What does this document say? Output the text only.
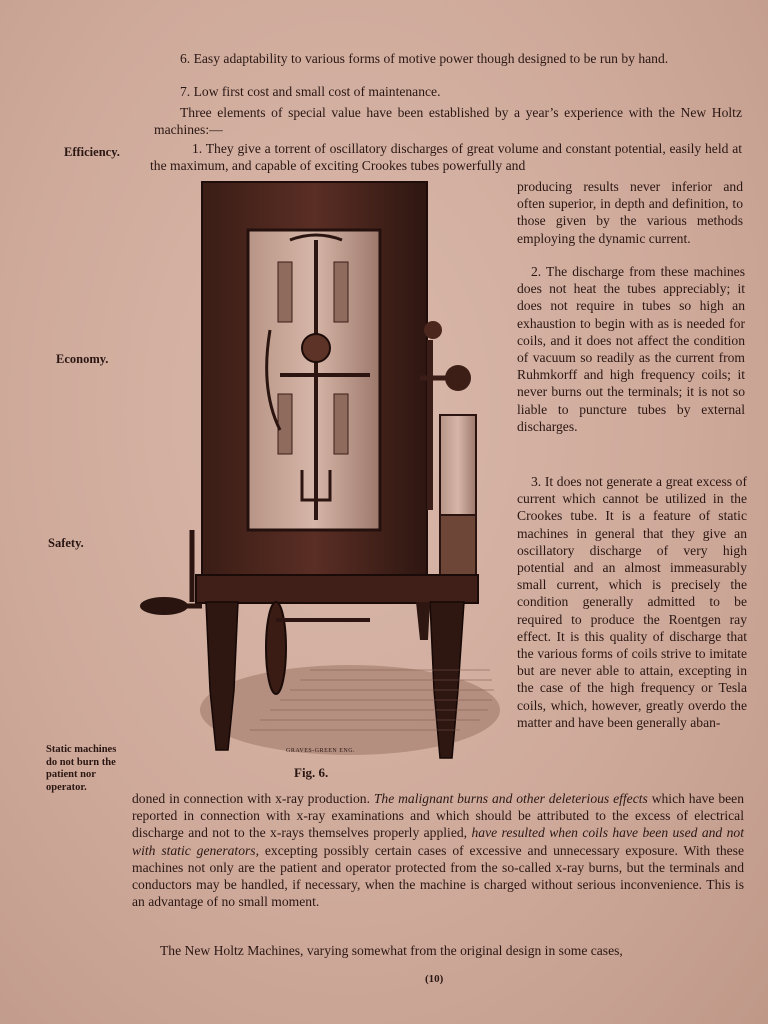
6. Easy adaptability to various forms of motive power though designed to be run by hand.

7. Low first cost and small cost of maintenance.

Three elements of special value have been established by a year’s experience with the New Holtz machines:—

Efficiency.	1. They give a torrent of oscillatory discharges of great volume and constant potential, easily held at the maximum, and capable of exciting Crookes tubes powerfully and

producing results never inferior and often superior, in depth and definition, to those given by the various methods employing the dynamic current.

Economy.

2. The discharge from these machines does not heat the tubes appreciably; it does not require in tubes so high an exhaustion to begin with as is needed for coils, and it does not affect the condition of vacuum so readily as the current from Ruhmkorff and high frequency coils; it never burns out the terminals; it is not so liable to puncture tubes by external discharges.

Safety.

3. It does not generate a great excess of current which cannot be utilized in the Crookes tube. It is a feature of static machines in general that they give an oscillatory discharge of very high potential and an almost immeasurably small current, which is precisely the condition generally admitted to be required to produce the Roentgen ray effect. It is this quality of discharge that the various forms of coils strive to imitate but are never able to attain, excepting in the case of the high frequency or Tesla coils, which, however, greatly overdo the matter and have been generally aban-

Static machines do not burn the patient nor operator.

doned in connection with x-ray production. The malignant burns and other deleterious effects which have been reported in connection with x-ray examinations and which should be attributed to the excess of electrical discharge and not to the x-rays themselves properly applied, have resulted when coils have been used and not with static generators, excepting possibly certain cases of excessive and unnecessary exposure. With these machines not only are the patient and operator protected from the so-called x-ray burns, but the terminals and conductors may be handled, if necessary, when the machine is charged without serious inconvenience. This is an advantage of no small moment.

The New Holtz Machines, varying somewhat from the original design in some cases,

GRAVES-GREEN ENG.
Fig. 6.
(10)
